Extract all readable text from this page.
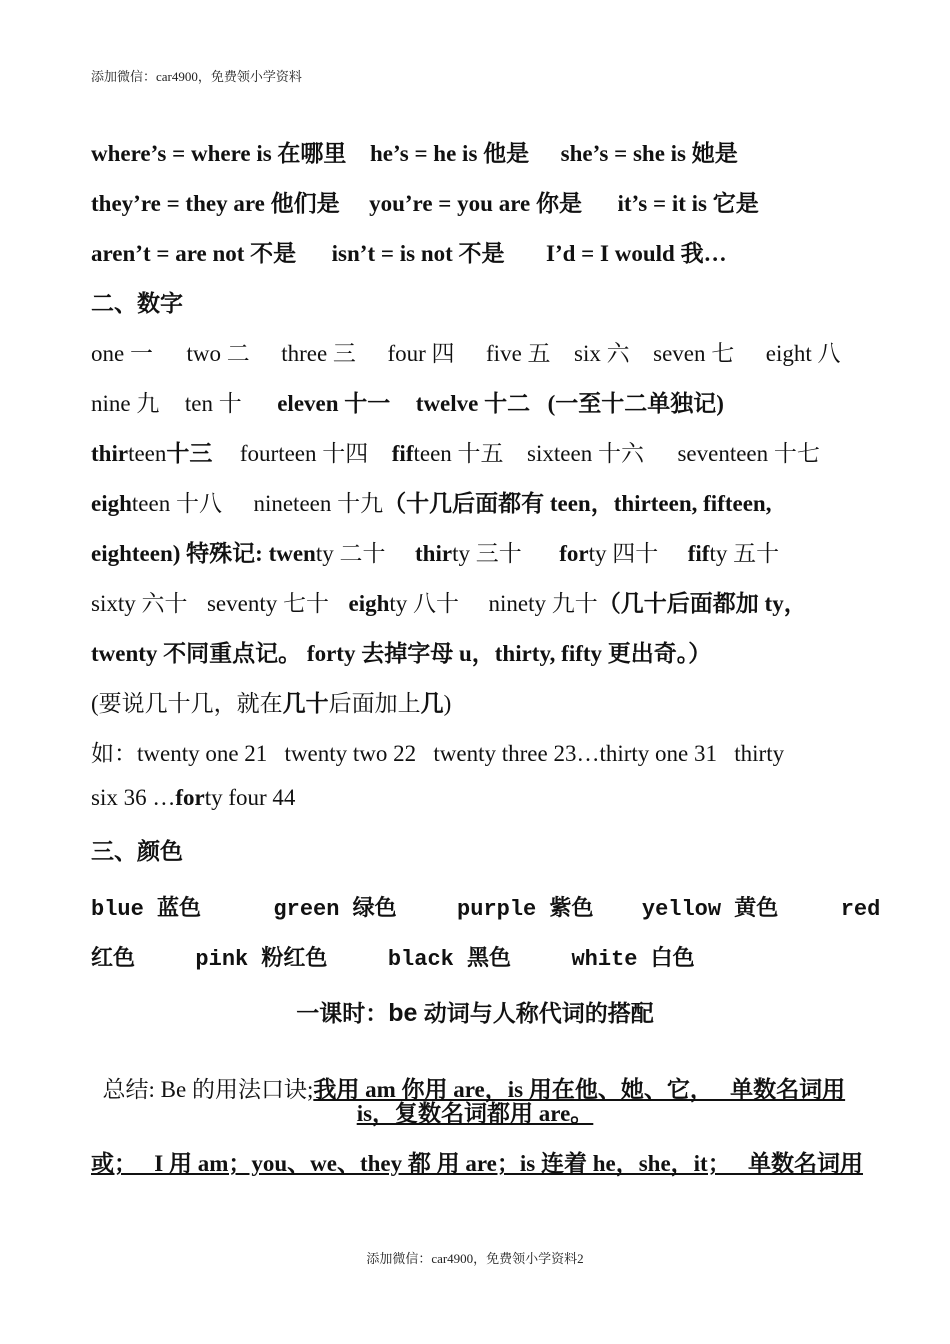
添加微信：car4900，免费领小学资料
where’s = where is 在哪里 he’s = he is 他是 she’s = she is 她是
they’re = they are 他们是 you’re = you are 你是 it’s = it is 它是
aren’t = are not 不是 isn’t = is not 不是 I’d = I would 我…
二、数字
one 一 two 二 three 三 four 四 five 五 six 六 seven 七 eight 八
nine 九 ten 十 eleven 十一 twelve 十二 (一至十二单独记)
thirteen十三 fourteen 十四 fifteen 十五 sixteen 十六 seventeen 十七
eighteen 十八 nineteen 十九（十几后面都有 teen，thirteen, fifteen,
eighteen) 特殊记: twenty 二十 thirty 三十 forty 四十 fifty 五十
sixty 六十 seventy 七十 eighty 八十 ninety 九十（几十后面都加 ty，
twenty 不同重点记。 forty 去掉字母 u，thirty, fifty 更出奇。）
(要说几十几，就在几十后面加上几)
如：twenty one 21   twenty two 22   twenty three 23…thirty one 31   thirty
six 36 …forty four 44
三、颜色
blue 蓝色	green 绿色	purple 紫色 yellow 黄色	red
红色	pink 粉红色	black 黑色	white 白色
一课时：be 动词与人称代词的搭配

总结: Be 的用法口诀;我用 am 你用 are，is 用在他、她、它，   单数名词用

is，复数名词都用 are。
或；   I 用 am；you、we、they 都 用 are；is 连着 he，she，it；   单数名词用
添加微信：car4900，免费领小学资料2
